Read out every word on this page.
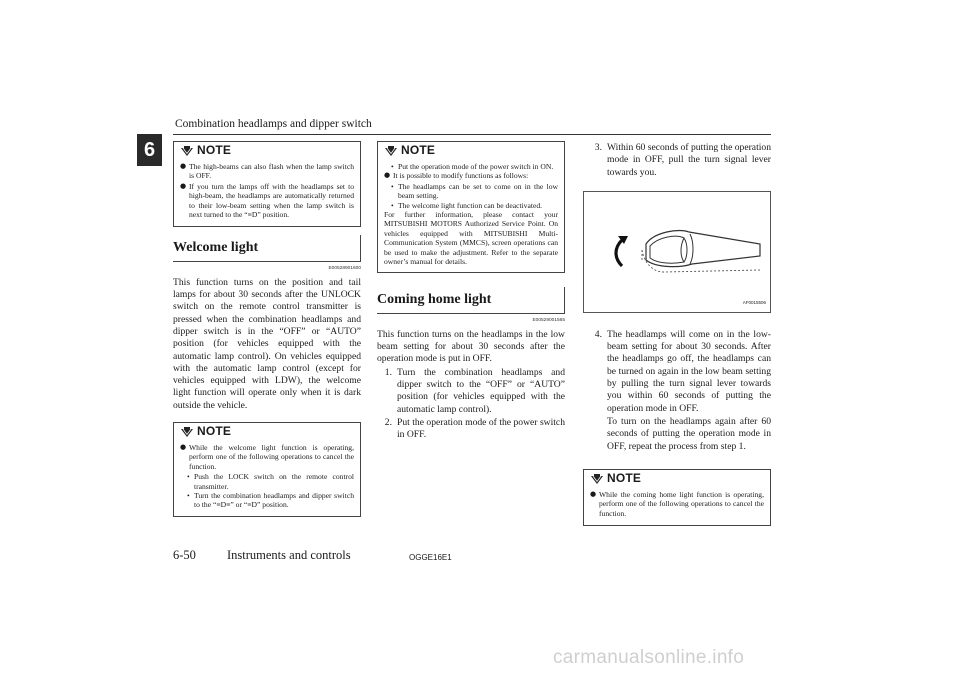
Combination headlamps and dipper switch
6	NOTE
● The high-beams can also flash when the lamp switch is OFF.
● If you turn the lamps off with the headlamps set to high-beam, the headlamps are automatically returned to their low-beam setting when the lamp switch is next turned to the “≡D” position.
Welcome light
E00528901600
This function turns on the position and tail lamps for about 30 seconds after the UNLOCK switch on the remote control transmitter is pressed when the combination headlamps and dipper switch is in the “OFF” or “AUTO” position (for vehicles equipped with the automatic lamp control). On vehicles equipped with the automatic lamp control (except for vehicles equipped with LDW), the welcome light function will operate only when it is dark outside the vehicle.
NOTE
● While the welcome light function is operating, perform one of the following operations to cancel the function.
• Push the LOCK switch on the remote control transmitter.
• Turn the combination headlamps and dipper switch to the “≡D≡” or “≡D” position.
NOTE
• Put the operation mode of the power switch in ON.
● It is possible to modify functions as follows:
• The headlamps can be set to come on in the low beam setting.
• The welcome light function can be deactivated.
For further information, please contact your MITSUBISHI MOTORS Authorized Service Point. On vehicles equipped with MITSUBISHI Multi-Communication System (MMCS), screen operations can be used to make the adjustment. Refer to the separate owner’s manual for details.
Coming home light
E00529001565
This function turns on the headlamps in the low beam setting for about 30 seconds after the operation mode is put in OFF.
1. Turn the combination headlamps and dipper switch to the “OFF” or “AUTO” position (for vehicles equipped with the automatic lamp control).
2. Put the operation mode of the power switch in OFF.
3. Within 60 seconds of putting the operation mode in OFF, pull the turn signal lever towards you.
AF0015506
4. The headlamps will come on in the low-beam setting for about 30 seconds. After the headlamps go off, the headlamps can be turned on again in the low beam setting by pulling the turn signal lever towards you within 60 seconds of putting the operation mode in OFF.
To turn on the headlamps again after 60 seconds of putting the operation mode in OFF, repeat the process from step 1.
NOTE
● While the coming home light function is operating, perform one of the following operations to cancel the function.
6-50 Instruments and controls	OGGE16E1
carmanualsonline.info
